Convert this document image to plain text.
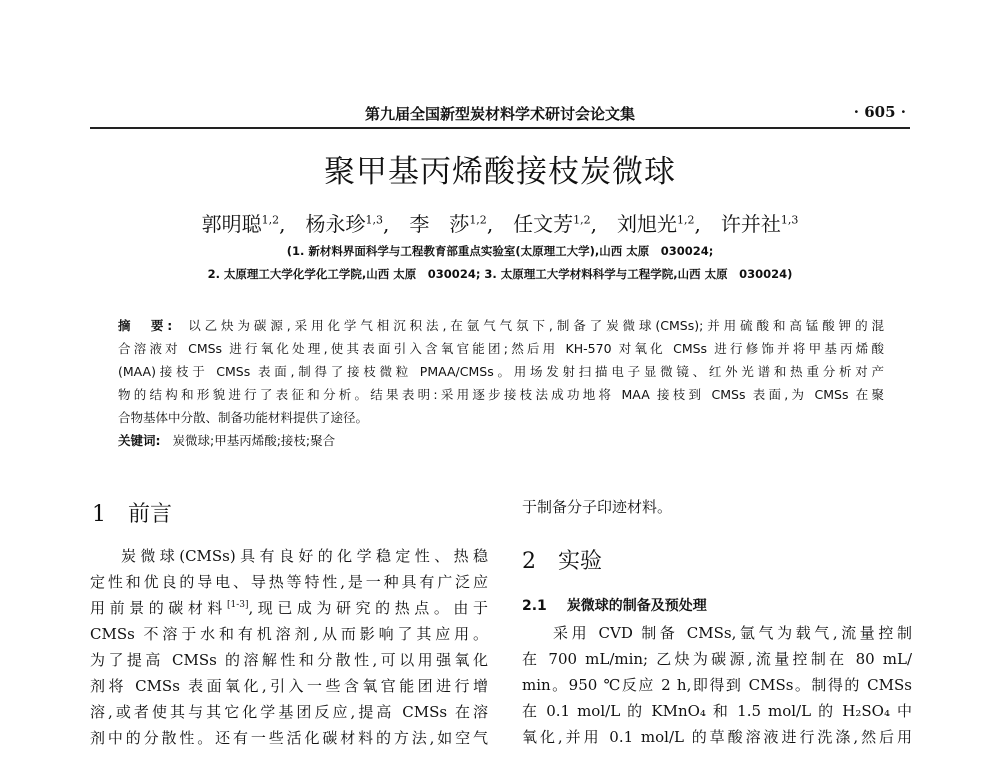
第九届全国新型炭材料学术研讨会论文集	· 605 ·
聚甲基丙烯酸接枝炭微球
郭明聪$^{1,2}$, 杨永珍$^{1,3}$, 李　莎$^{1,2}$, 任文芳$^{1,2}$, 刘旭光$^{1,2}$, 许并社$^{1,3}$
(1. 新材料界面科学与工程教育部重点实验室(太原理工大学),山西 太原　030024;
2. 太原理工大学化学化工学院,山西 太原　030024; 3. 太原理工大学材料科学与工程学院,山西 太原　030024)
摘　要: 以乙炔为碳源,采用化学气相沉积法,在氩气气氛下,制备了炭微球(CMSs);并用硫酸和高锰酸钾的混
合溶液对 CMSs 进行氧化处理,使其表面引入含氧官能团;然后用 KH-570 对氧化 CMSs 进行修饰并将甲基丙烯酸
(MAA)接枝于 CMSs 表面,制得了接枝微粒 PMAA/CMSs。用场发射扫描电子显微镜、红外光谱和热重分析对产
物的结构和形貌进行了表征和分析。结果表明:采用逐步接枝法成功地将 MAA 接枝到 CMSs 表面,为 CMSs 在聚
合物基体中分散、制备功能材料提供了途径。
关键词: 炭微球;甲基丙烯酸;接枝;聚合
1 前言
炭微球(CMSs)具有良好的化学稳定性、热稳
定性和优良的导电、导热等特性,是一种具有广泛应
用前景的碳材料[1-3],现已成为研究的热点。由于
CMSs 不溶于水和有机溶剂,从而影响了其应用。
为了提高 CMSs 的溶解性和分散性,可以用强氧化
剂将 CMSs 表面氧化,引入一些含氧官能团进行增
溶,或者使其与其它化学基团反应,提高 CMSs 在溶
剂中的分散性。还有一些活化碳材料的方法,如空气
于制备分子印迹材料。
2 实验
2.1 炭微球的制备及预处理
采用 CVD 制备 CMSs,氩气为载气,流量控制
在 700 mL/min; 乙炔为碳源,流量控制在 80 mL/
min。950 ℃反应 2 h,即得到 CMSs。制得的 CMSs
在 0.1 mol/L 的 KMnO₄ 和 1.5 mol/L 的 H₂SO₄ 中
氧化,并用 0.1 mol/L 的草酸溶液进行洗涤,然后用
